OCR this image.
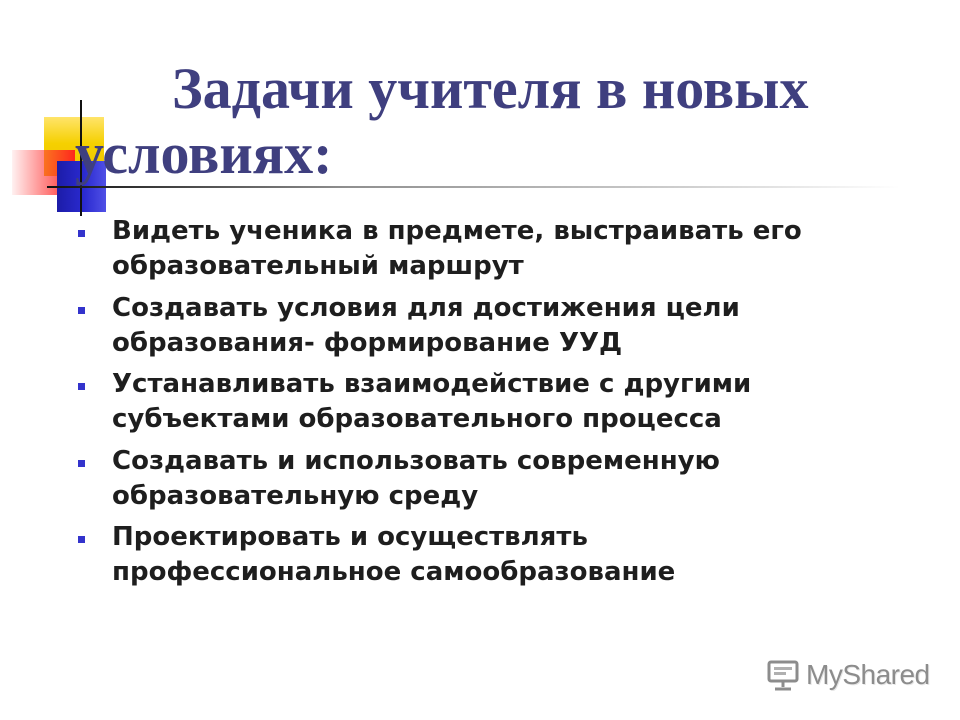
Задачи учителя в новых
условиях:
Видеть ученика в предмете, выстраивать его
образовательный маршрут
Создавать условия для достижения цели
образования- формирование УУД
Устанавливать взаимодействие с другими
субъектами образовательного процесса
Создавать и использовать современную
образовательную среду
Проектировать и осуществлять
профессиональное самообразование
MyShared
